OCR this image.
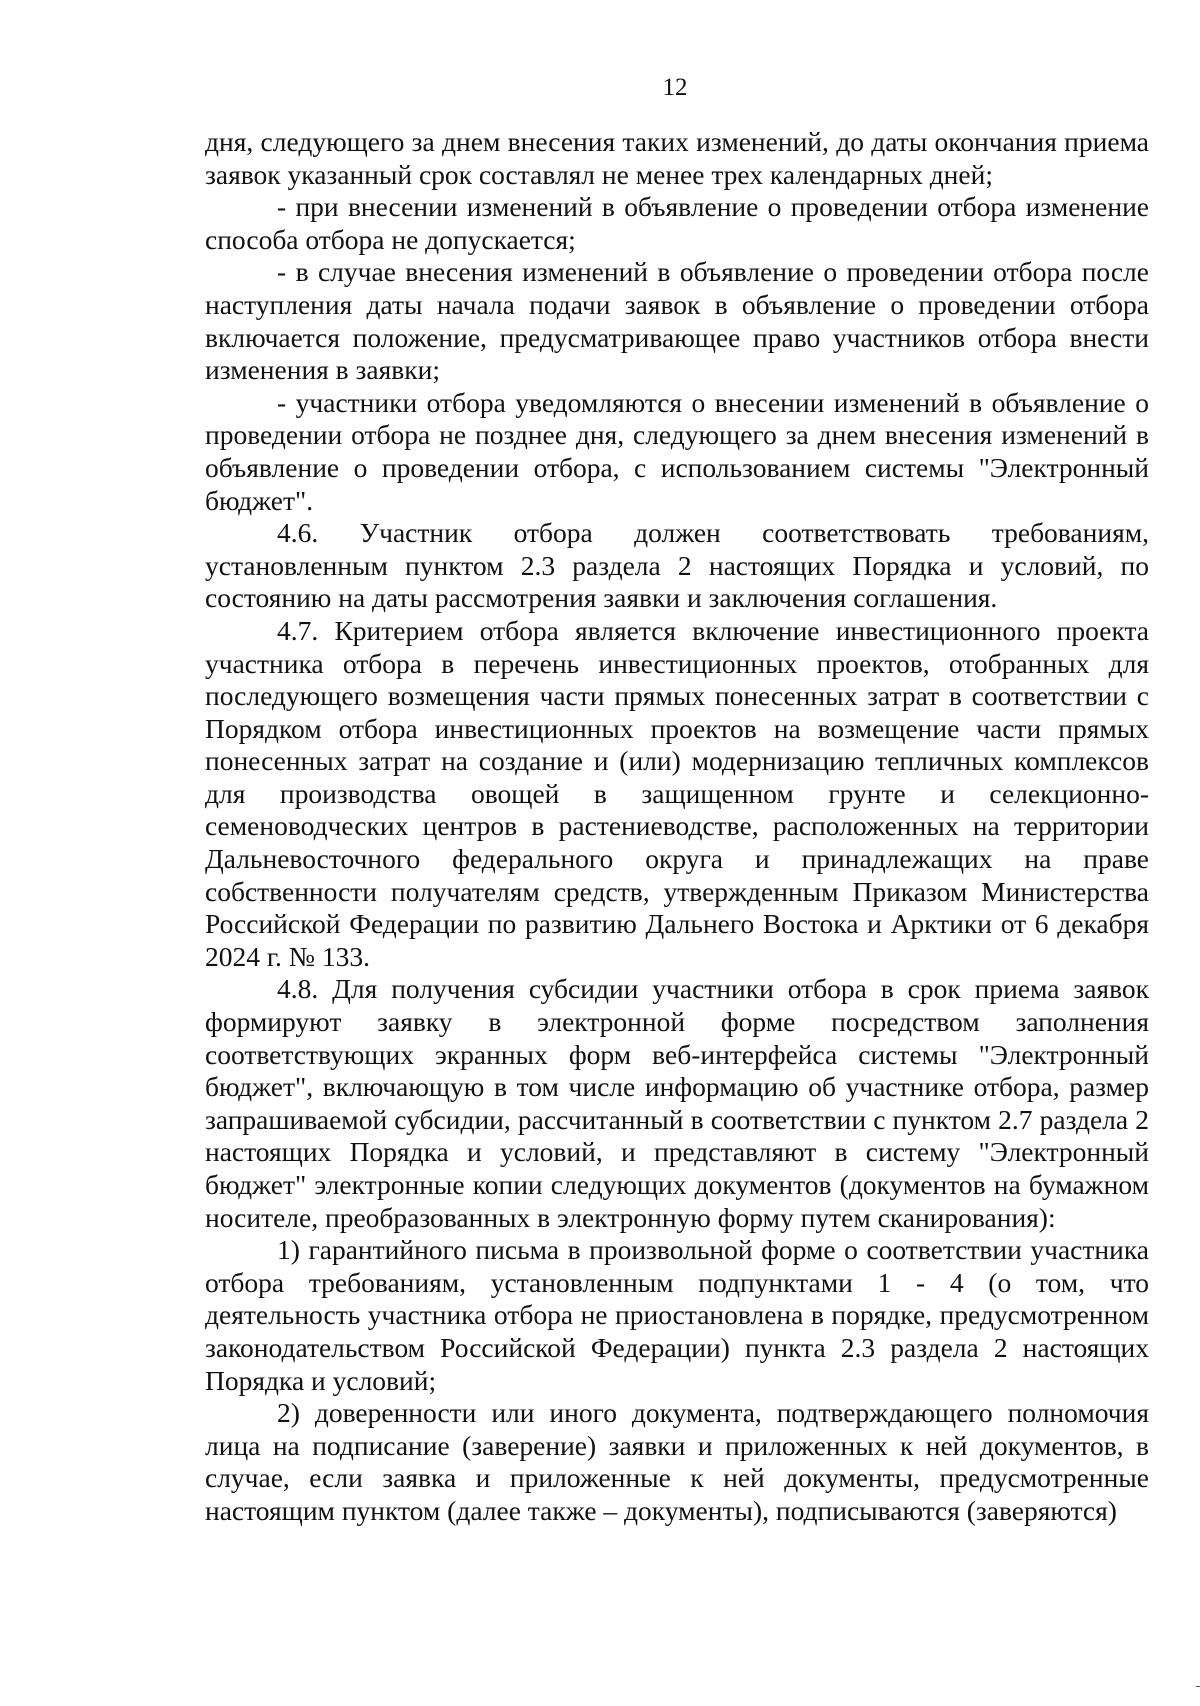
12

дня, следующего за днем внесения таких изменений, до даты окончания приема заявок указанный срок составлял не менее трех календарных дней;

- при внесении изменений в объявление о проведении отбора изменение способа отбора не допускается;

- в случае внесения изменений в объявление о проведении отбора после наступления даты начала подачи заявок в объявление о проведении отбора включается положение, предусматривающее право участников отбора внести изменения в заявки;

- участники отбора уведомляются о внесении изменений в объявление о проведении отбора не позднее дня, следующего за днем внесения изменений в объявление о проведении отбора, с использованием системы "Электронный бюджет".

4.6. Участник отбора должен соответствовать требованиям, установленным пунктом 2.3 раздела 2 настоящих Порядка и условий, по состоянию на даты рассмотрения заявки и заключения соглашения.

4.7. Критерием отбора является включение инвестиционного проекта участника отбора в перечень инвестиционных проектов, отобранных для последующего возмещения части прямых понесенных затрат в соответствии с Порядком отбора инвестиционных проектов на возмещение части прямых понесенных затрат на создание и (или) модернизацию тепличных комплексов для производства овощей в защищенном грунте и селекционно-семеноводческих центров в растениеводстве, расположенных на территории Дальневосточного федерального округа и принадлежащих на праве собственности получателям средств, утвержденным Приказом Министерства Российской Федерации по развитию Дальнего Востока и Арктики от 6 декабря 2024 г. № 133.

4.8. Для получения субсидии участники отбора в срок приема заявок формируют заявку в электронной форме посредством заполнения соответствующих экранных форм веб-интерфейса системы "Электронный бюджет", включающую в том числе информацию об участнике отбора, размер запрашиваемой субсидии, рассчитанный в соответствии с пунктом 2.7 раздела 2 настоящих Порядка и условий, и представляют в систему "Электронный бюджет" электронные копии следующих документов (документов на бумажном носителе, преобразованных в электронную форму путем сканирования):

1) гарантийного письма в произвольной форме о соответствии участника отбора требованиям, установленным подпунктами 1 - 4 (о том, что деятельность участника отбора не приостановлена в порядке, предусмотренном законодательством Российской Федерации) пункта 2.3 раздела 2 настоящих Порядка и условий;

2) доверенности или иного документа, подтверждающего полномочия лица на подписание (заверение) заявки и приложенных к ней документов, в случае, если заявка и приложенные к ней документы, предусмотренные настоящим пунктом (далее также – документы), подписываются (заверяются)
